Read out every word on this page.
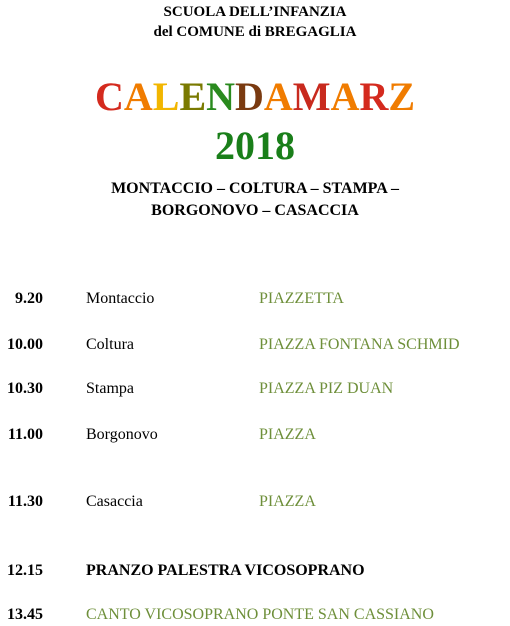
SCUOLA DELL’INFANZIA
del COMUNE di BREGAGLIA
CALENDAMARZ
2018
MONTACCIO – COLTURA – STAMPA –
BORGONOVO – CASACCIA
9.20	Montaccio	PIAZZETTA
10.00	Coltura	PIAZZA FONTANA SCHMID
10.30	Stampa	PIAZZA PIZ DUAN
11.00	Borgonovo	PIAZZA
11.30	Casaccia	PIAZZA
12.15	PRANZO PALESTRA VICOSOPRANO
13.45	CANTO VICOSOPRANO PONTE SAN CASSIANO
